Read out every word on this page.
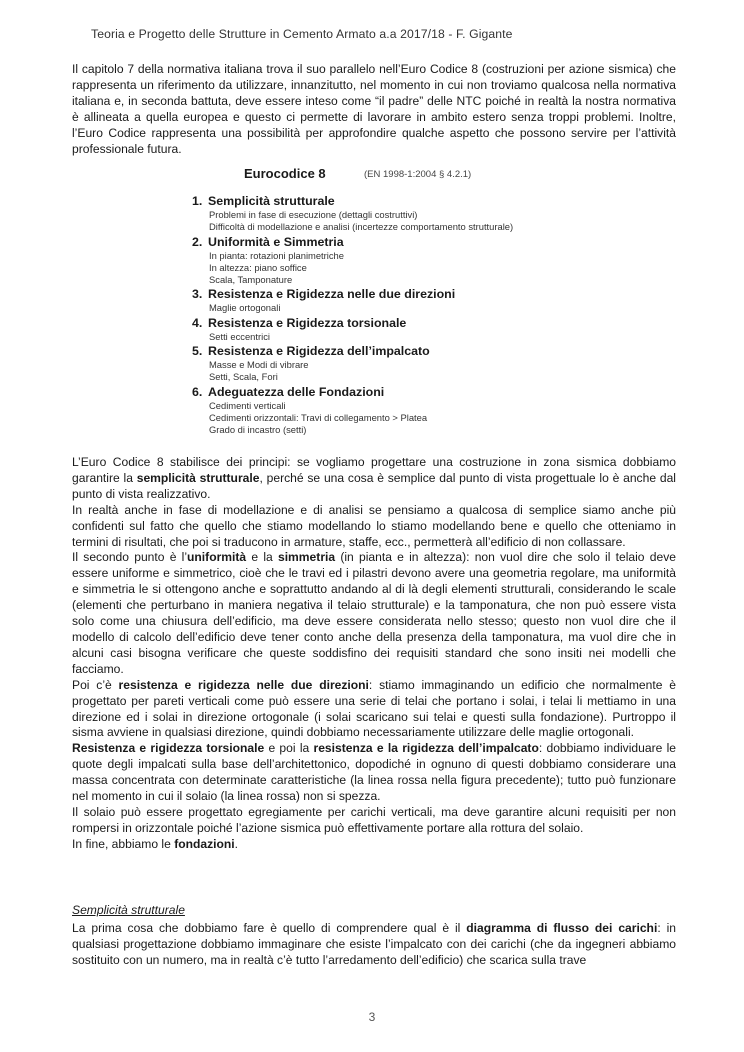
Teoria e Progetto delle Strutture in Cemento Armato a.a 2017/18 - F. Gigante

Il capitolo 7 della normativa italiana trova il suo parallelo nell’Euro Codice 8 (costruzioni per azione sismica) che rappresenta un riferimento da utilizzare, innanzitutto, nel momento in cui non troviamo qualcosa nella normativa italiana e, in seconda battuta, deve essere inteso come “il padre” delle NTC poiché in realtà la nostra normativa è allineata a quella europea e questo ci permette di lavorare in ambito estero senza troppi problemi. Inoltre, l’Euro Codice rappresenta una possibilità per approfondire qualche aspetto che possono servire per l’attività professionale futura.

Eurocodice 8	(EN 1998-1:2004 § 4.2.1)
1. Semplicità strutturale
Problemi in fase di esecuzione (dettagli costruttivi)
Difficoltà di modellazione e analisi (incertezze comportamento strutturale)
2. Uniformità e Simmetria
In pianta: rotazioni planimetriche
In altezza: piano soffice
Scala, Tamponature
3. Resistenza e Rigidezza nelle due direzioni
Maglie ortogonali
4. Resistenza e Rigidezza torsionale
Setti eccentrici
5. Resistenza e Rigidezza dell’impalcato
Masse e Modi di vibrare
Setti, Scala, Fori
6. Adeguatezza delle Fondazioni
Cedimenti verticali
Cedimenti orizzontali: Travi di collegamento > Platea
Grado di incastro (setti)

L’Euro Codice 8 stabilisce dei principi: se vogliamo progettare una costruzione in zona sismica dobbiamo garantire la semplicità strutturale, perché se una cosa è semplice dal punto di vista progettuale lo è anche dal punto di vista realizzativo.

In realtà anche in fase di modellazione e di analisi se pensiamo a qualcosa di semplice siamo anche più confidenti sul fatto che quello che stiamo modellando lo stiamo modellando bene e quello che otteniamo in termini di risultati, che poi si traducono in armature, staffe, ecc., permetterà all’edificio di non collassare.

Il secondo punto è l’uniformità e la simmetria (in pianta e in altezza): non vuol dire che solo il telaio deve essere uniforme e simmetrico, cioè che le travi ed i pilastri devono avere una geometria regolare, ma uniformità e simmetria le si ottengono anche e soprattutto andando al di là degli elementi strutturali, considerando le scale (elementi che perturbano in maniera negativa il telaio strutturale) e la tamponatura, che non può essere vista solo come una chiusura dell’edificio, ma deve essere considerata nello stesso; questo non vuol dire che il modello di calcolo dell’edificio deve tener conto anche della presenza della tamponatura, ma vuol dire che in alcuni casi bisogna verificare che queste soddisfino dei requisiti standard che sono insiti nei modelli che facciamo.

Poi c’è resistenza e rigidezza nelle due direzioni: stiamo immaginando un edificio che normalmente è progettato per pareti verticali come può essere una serie di telai che portano i solai, i telai li mettiamo in una direzione ed i solai in direzione ortogonale (i solai scaricano sui telai e questi sulla fondazione). Purtroppo il sisma avviene in qualsiasi direzione, quindi dobbiamo necessariamente utilizzare delle maglie ortogonali.

Resistenza e rigidezza torsionale e poi la resistenza e la rigidezza dell’impalcato: dobbiamo individuare le quote degli impalcati sulla base dell’architettonico, dopodiché in ognuno di questi dobbiamo considerare una massa concentrata con determinate caratteristiche (la linea rossa nella figura precedente); tutto può funzionare nel momento in cui il solaio (la linea rossa) non si spezza.

Il solaio può essere progettato egregiamente per carichi verticali, ma deve garantire alcuni requisiti per non rompersi in orizzontale poiché l’azione sismica può effettivamente portare alla rottura del solaio.

In fine, abbiamo le fondazioni.

Semplicità strutturale

La prima cosa che dobbiamo fare è quello di comprendere qual è il diagramma di flusso dei carichi: in qualsiasi progettazione dobbiamo immaginare che esiste l’impalcato con dei carichi (che da ingegneri abbiamo sostituito con un numero, ma in realtà c’è tutto l’arredamento dell’edificio) che scarica sulla trave

3
